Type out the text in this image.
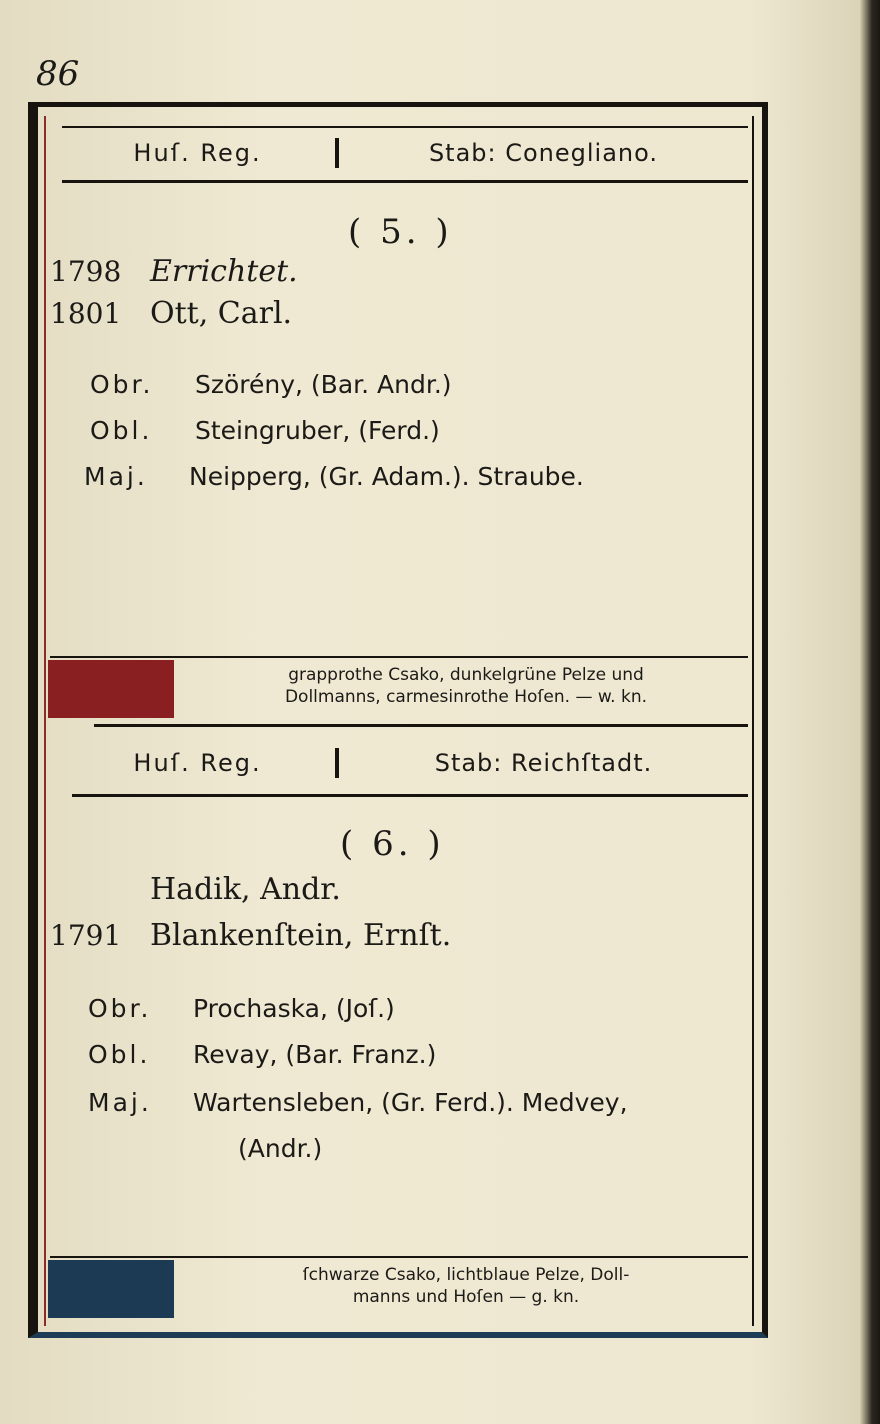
86
Huſ. Reg.	Stab: Conegliano.
( 5. )
1798 Errichtet.
1801 Ott, Carl.
Obr. Szörény, (Bar. Andr.)
Obl. Steingruber, (Ferd.)
Maj. Neipperg, (Gr. Adam.). Straube.
grapprothe Csako, dunkelgrüne Pelze und
Dollmanns, carmesinrothe Hoſen. — w. kn.
Huſ. Reg.	Stab: Reichſtadt.
( 6. )
Hadik, Andr.
1791 Blankenſtein, Ernſt.
Obr. Prochaska, (Joſ.)
Obl. Revay, (Bar. Franz.)
Maj. Wartensleben, (Gr. Ferd.). Medvey,
(Andr.)
ſchwarze Csako, lichtblaue Pelze, Doll-
manns und Hoſen — g. kn.
